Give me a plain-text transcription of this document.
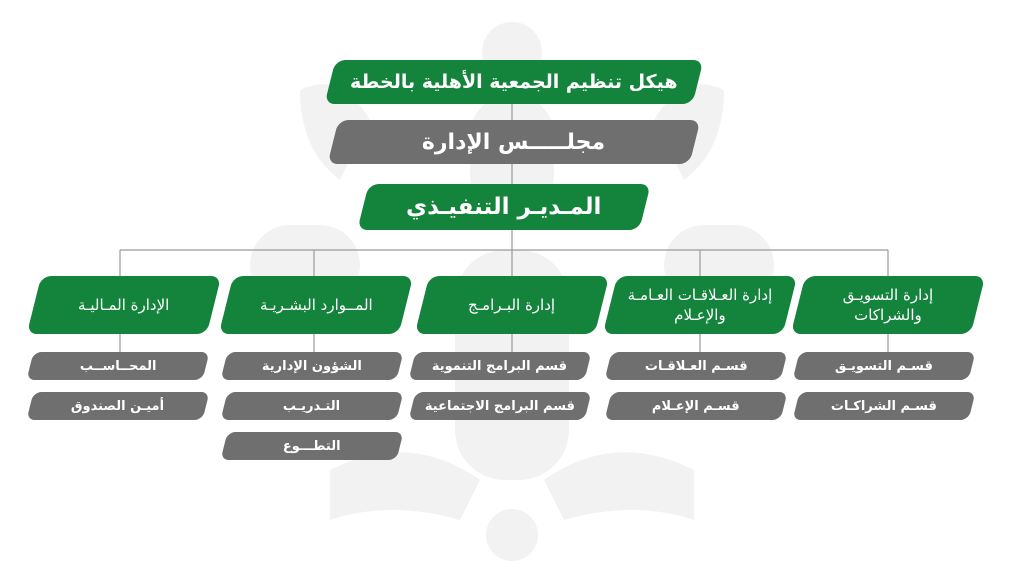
هيكل تنظيم الجمعية الأهلية بالخطة
مجلـــــس الإدارة
المـديـر التنفيـذي
إدارة التسويـق والشراكات
إدارة العـلاقـات العـامـة والإعـلام
إدارة البـرامـج
المــوارد البشـريـة
الإدارة المـاليـة
قسـم التسويـق
قسـم الشراكـات
قسـم العـلاقـات
قسـم الإعـلام
قسم البرامج التنموية
قسم البرامج الاجتماعية
الشؤون الإدارية
التـدريـب
التطـــوع
المحــاســب
أميـن الصندوق
